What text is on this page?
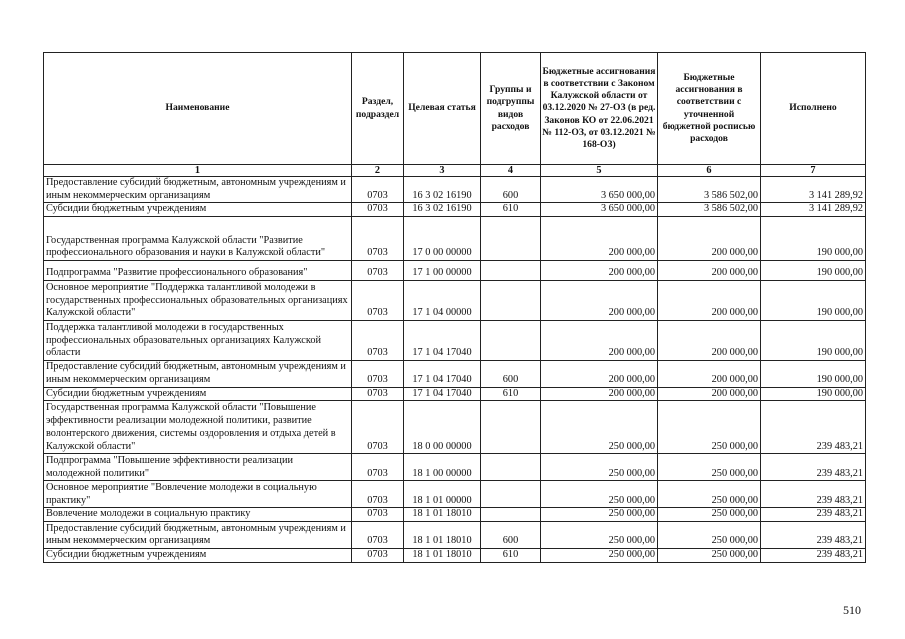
Наименование	Раздел, подраздел	Целевая статья	Группы и подгруппы видов расходов	Бюджетные ассигнования в соответствии с Законом Калужской области от 03.12.2020 № 27-ОЗ (в ред. Законов КО от 22.06.2021 № 112-ОЗ, от 03.12.2021 № 168-ОЗ)	Бюджетные ассигнования в соответствии с уточненной бюджетной росписью расходов	Исполнено
1	2	3	4	5	6	7
Предоставление субсидий бюджетным, автономным учреждениям и иным некоммерческим организациям	0703	16 3 02 16190	600	3 650 000,00	3 586 502,00	3 141 289,92
Субсидии бюджетным учреждениям	0703	16 3 02 16190	610	3 650 000,00	3 586 502,00	3 141 289,92
Государственная программа Калужской области "Развитие профессионального образования и науки в Калужской области"	0703	17 0 00 00000		200 000,00	200 000,00	190 000,00
Подпрограмма "Развитие профессионального образования"	0703	17 1 00 00000		200 000,00	200 000,00	190 000,00
Основное мероприятие "Поддержка талантливой молодежи в государственных профессиональных образовательных организациях Калужской области"	0703	17 1 04 00000		200 000,00	200 000,00	190 000,00
Поддержка талантливой молодежи в государственных профессиональных образовательных организациях Калужской области	0703	17 1 04 17040		200 000,00	200 000,00	190 000,00
Предоставление субсидий бюджетным, автономным учреждениям и иным некоммерческим организациям	0703	17 1 04 17040	600	200 000,00	200 000,00	190 000,00
Субсидии бюджетным учреждениям	0703	17 1 04 17040	610	200 000,00	200 000,00	190 000,00
Государственная программа Калужской области "Повышение эффективности реализации молодежной политики, развитие волонтерского движения, системы оздоровления и отдыха детей в Калужской области"	0703	18 0 00 00000		250 000,00	250 000,00	239 483,21
Подпрограмма "Повышение эффективности реализации молодежной политики"	0703	18 1 00 00000		250 000,00	250 000,00	239 483,21
Основное мероприятие "Вовлечение молодежи в социальную практику"	0703	18 1 01 00000		250 000,00	250 000,00	239 483,21
Вовлечение молодежи в социальную практику	0703	18 1 01 18010		250 000,00	250 000,00	239 483,21
Предоставление субсидий бюджетным, автономным учреждениям и иным некоммерческим организациям	0703	18 1 01 18010	600	250 000,00	250 000,00	239 483,21
Субсидии бюджетным учреждениям	0703	18 1 01 18010	610	250 000,00	250 000,00	239 483,21
510
